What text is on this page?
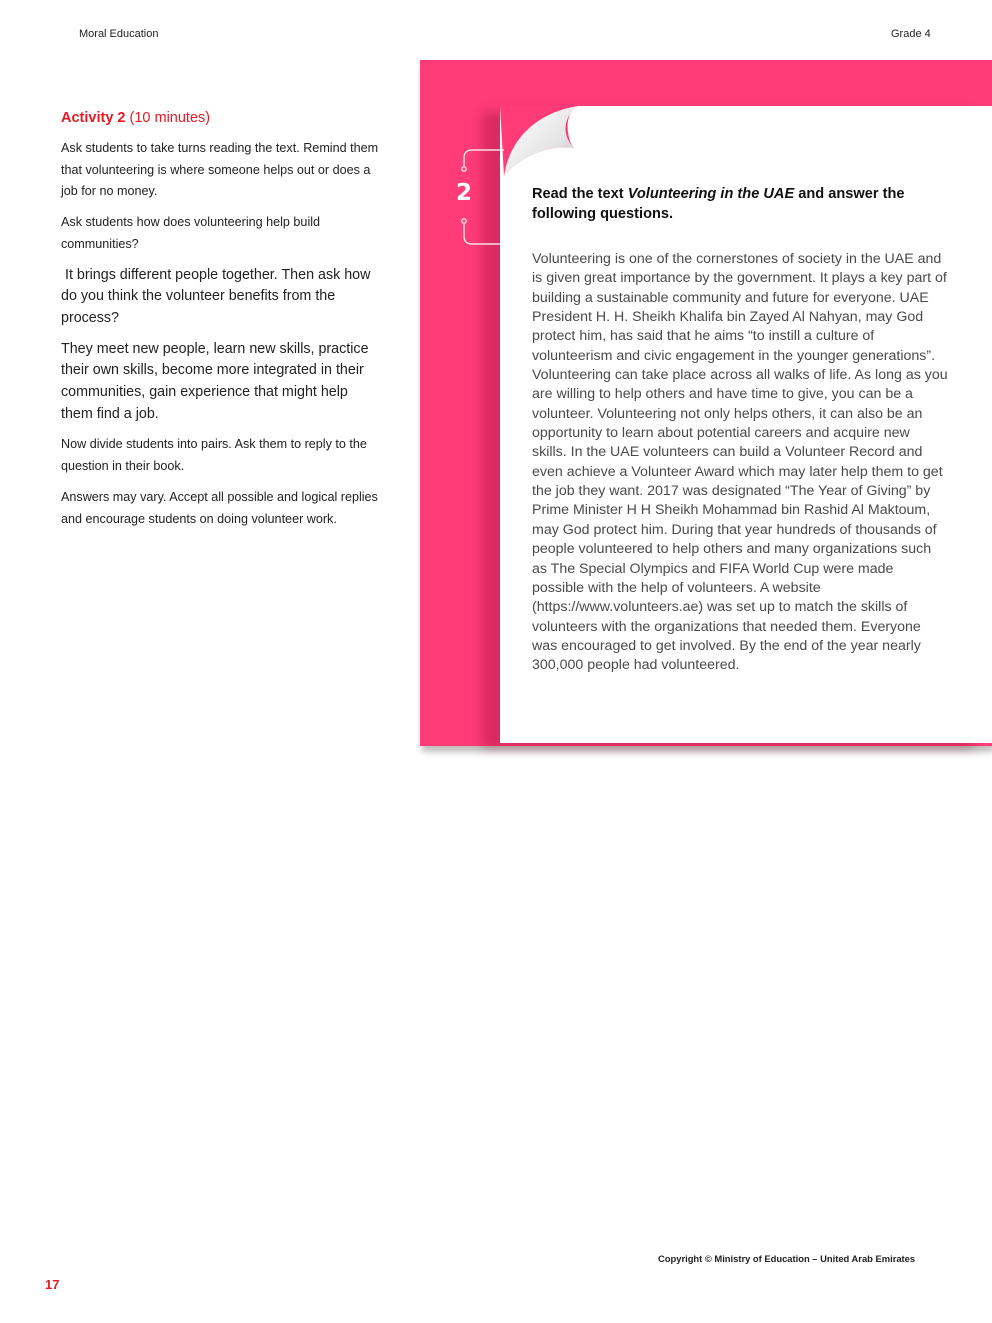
Moral Education	Grade 4
Activity 2 (10 minutes)

Ask students to take turns reading the text. Remind them that volunteering is where someone helps out or does a job for no money.

Ask students how does volunteering help build communities?

It brings different people together. Then ask how do you think the volunteer benefits from the process?

They meet new people, learn new skills, practice their own skills, become more integrated in their communities, gain experience that might help them find a job.

Now divide students into pairs. Ask them to reply to the question in their book.

Answers may vary. Accept all possible and logical replies and encourage students on doing volunteer work.

2	Read the text Volunteering in the UAE and answer the following questions.
Volunteering is one of the cornerstones of society in the UAE and is given great importance by the government. It plays a key part of building a sustainable community and future for everyone. UAE President H. H. Sheikh Khalifa bin Zayed Al Nahyan, may God protect him, has said that he aims “to instill a culture of volunteerism and civic engagement in the younger generations”. Volunteering can take place across all walks of life. As long as you are willing to help others and have time to give, you can be a volunteer. Volunteering not only helps others, it can also be an opportunity to learn about potential careers and acquire new skills. In the UAE volunteers can build a Volunteer Record and even achieve a Volunteer Award which may later help them to get the job they want. 2017 was designated “The Year of Giving” by Prime Minister H H Sheikh Mohammad bin Rashid Al Maktoum, may God protect him. During that year hundreds of thousands of people volunteered to help others and many organizations such as The Special Olympics and FIFA World Cup were made possible with the help of volunteers. A website (https://www.volunteers.ae) was set up to match the skills of volunteers with the organizations that needed them. Everyone was encouraged to get involved. By the end of the year nearly 300,000 people had volunteered.
Copyright © Ministry of Education – United Arab Emirates
17
